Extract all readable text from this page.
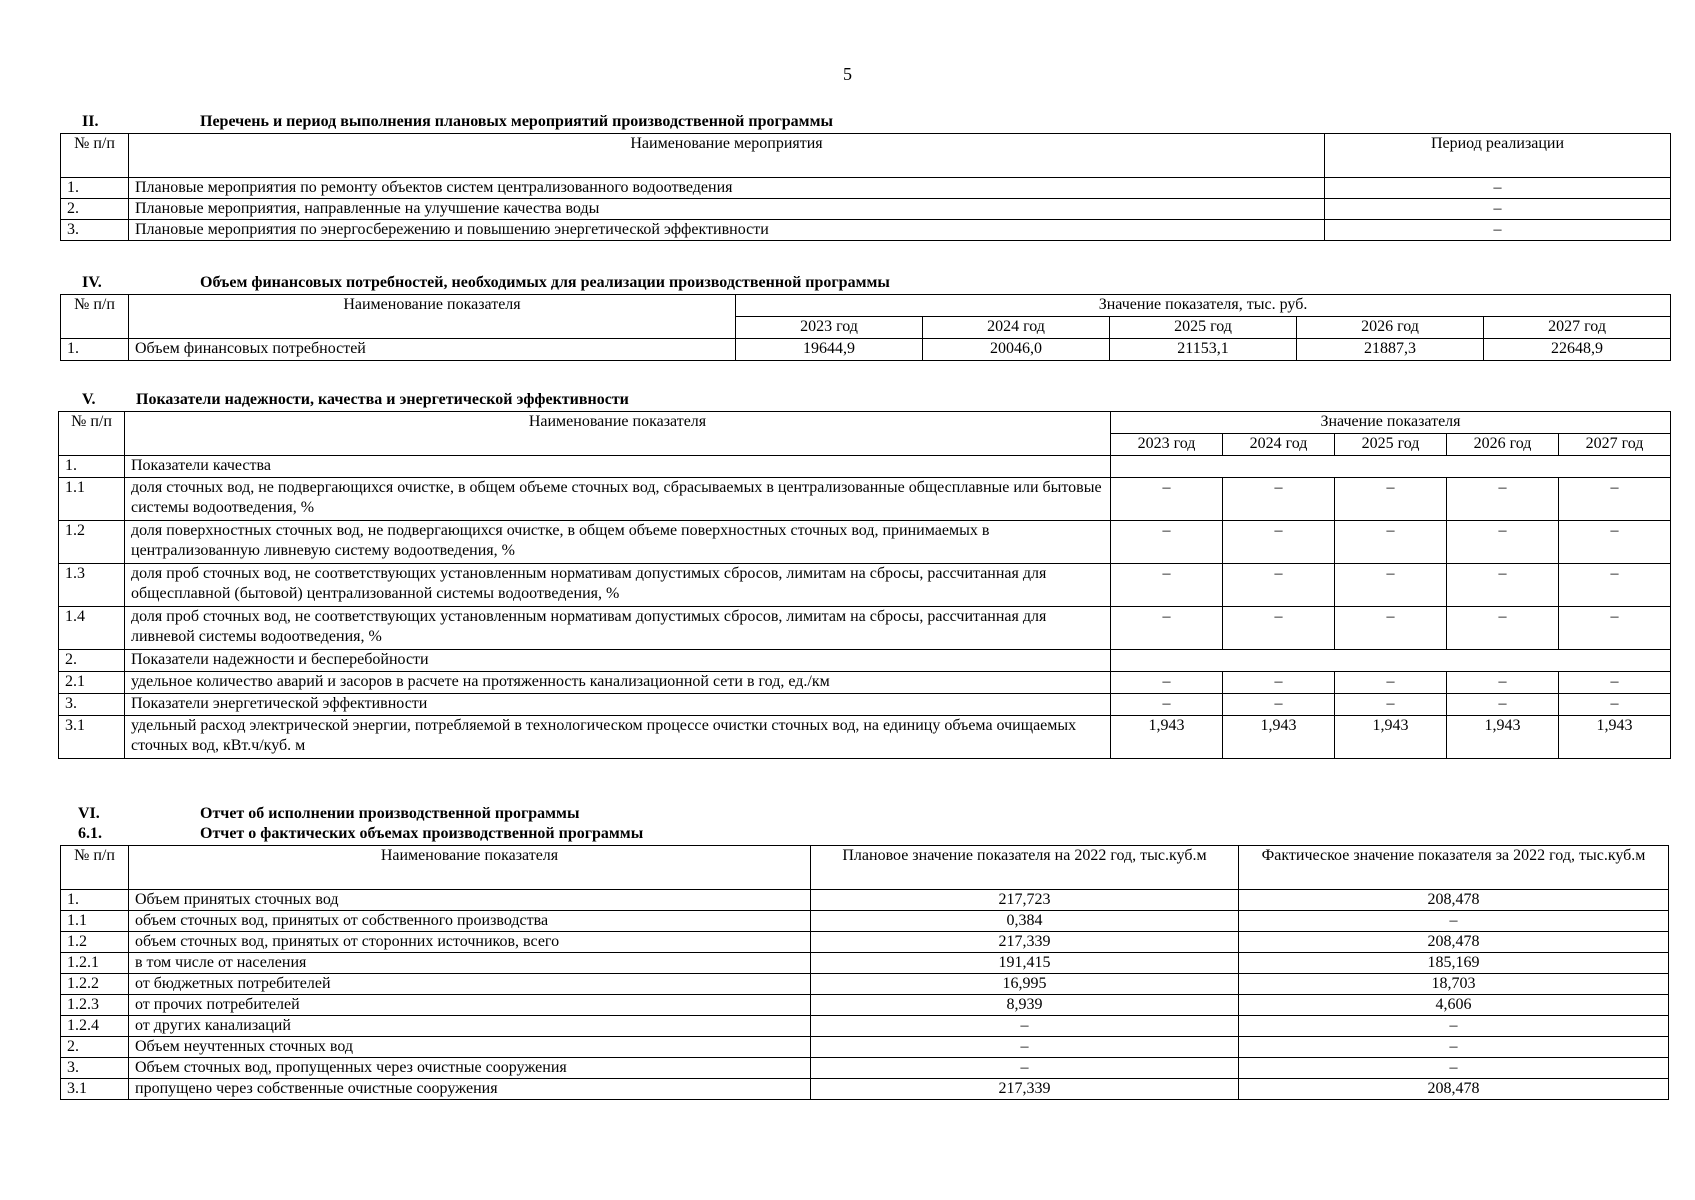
5
II.	Перечень и период выполнения плановых мероприятий производственной программы
№ п/п	Наименование мероприятия	Период реализации
1.	Плановые мероприятия по ремонту объектов систем централизованного водоотведения	–
2.	Плановые мероприятия, направленные на улучшение качества воды	–
3.	Плановые мероприятия по энергосбережению и повышению энергетической эффективности	–
IV.	Объем финансовых потребностей, необходимых для реализации производственной программы
№ п/п	Наименование показателя	Значение показателя, тыс. руб.				
		2023 год	2024 год	2025 год	2026 год	2027 год
1.	Объем финансовых потребностей	19644,9	20046,0	21153,1	21887,3	22648,9
V.	Показатели надежности, качества и энергетической эффективности
№ п/п	Наименование показателя	Значение показателя				
		2023 год	2024 год	2025 год	2026 год	2027 год
1.	Показатели качества					
1.1	доля сточных вод, не подвергающихся очистке, в общем объеме сточных вод, сбрасываемых в централизованные общесплавные или бытовые системы водоотведения, %	–	–	–	–	–
1.2	доля поверхностных сточных вод, не подвергающихся очистке, в общем объеме поверхностных сточных вод, принимаемых в централизованную ливневую систему водоотведения, %	–	–	–	–	–
1.3	доля проб сточных вод, не соответствующих установленным нормативам допустимых сбросов, лимитам на сбросы, рассчитанная для общесплавной (бытовой) централизованной системы водоотведения, %	–	–	–	–	–
1.4	доля проб сточных вод, не соответствующих установленным нормативам допустимых сбросов, лимитам на сбросы, рассчитанная для ливневой системы водоотведения, %	–	–	–	–	–
2.	Показатели надежности и бесперебойности					
2.1	удельное количество аварий и засоров в расчете на протяженность канализационной сети в год, ед./км	–	–	–	–	–
3.	Показатели энергетической эффективности	–	–	–	–	–
3.1	удельный расход электрической энергии, потребляемой в технологическом процессе очистки сточных вод, на единицу объема очищаемых сточных вод, кВт.ч/куб. м	1,943	1,943	1,943	1,943	1,943
VI.	Отчет об исполнении производственной программы
6.1.	Отчет о фактических объемах производственной программы
№ п/п	Наименование показателя	Плановое значение показателя на 2022 год, тыс.куб.м	Фактическое значение показателя за 2022 год, тыс.куб.м
1.	Объем принятых сточных вод	217,723	208,478
1.1	объем сточных вод, принятых от собственного производства	0,384	–
1.2	объем сточных вод, принятых от сторонних источников, всего	217,339	208,478
1.2.1	в том числе от населения	191,415	185,169
1.2.2	от бюджетных потребителей	16,995	18,703
1.2.3	от прочих потребителей	8,939	4,606
1.2.4	от других канализаций	–	–
2.	Объем неучтенных сточных вод	–	–
3.	Объем сточных вод, пропущенных через очистные сооружения	–	–
3.1	пропущено через собственные очистные сооружения	217,339	208,478
